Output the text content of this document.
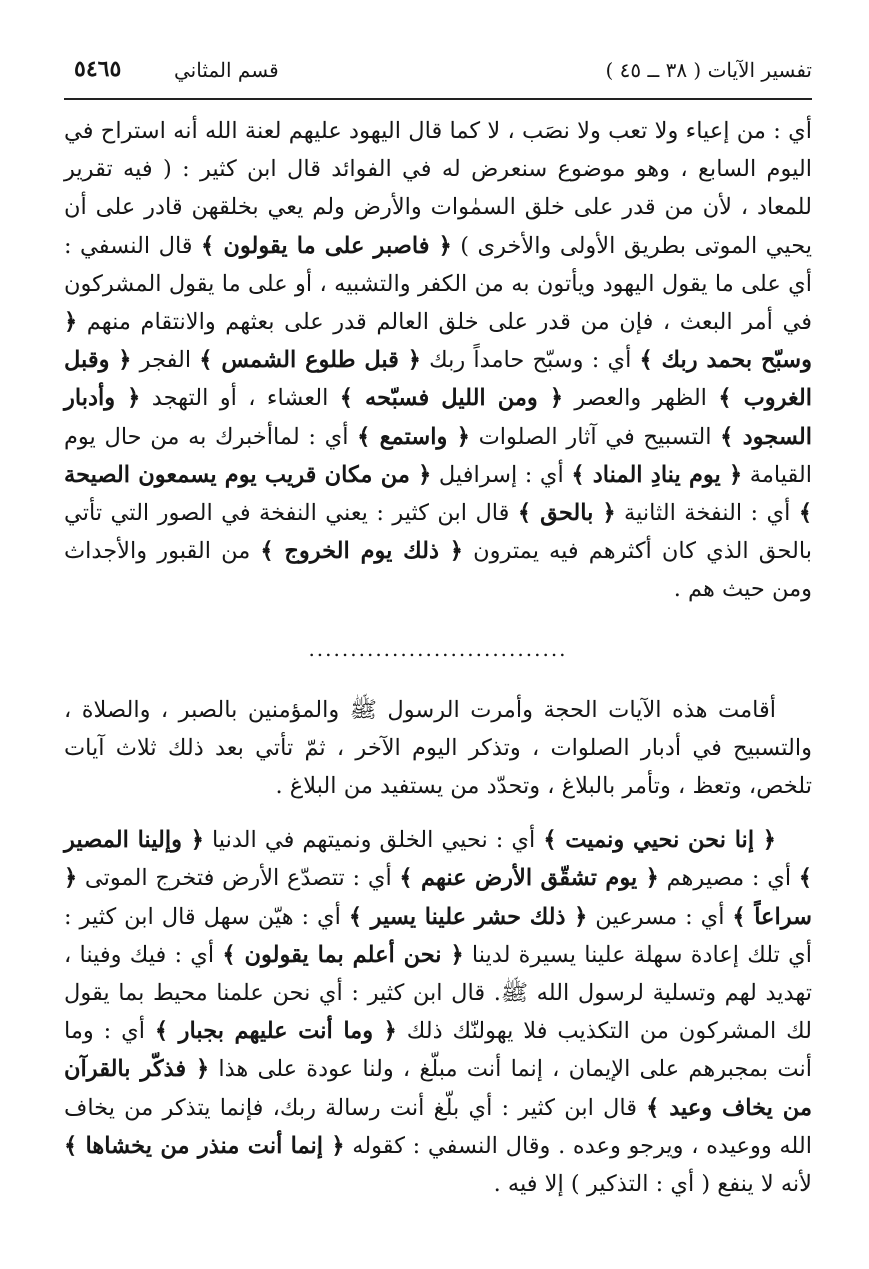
تفسير الآيات ( ٣٨ ــ ٤٥ )
قسم المثاني
٥٤٦٥

أي : من إعياء ولا تعب ولا نصَب ، لا كما قال اليهود عليهم لعنة الله أنه استراح في اليوم السابع ، وهو موضوع سنعرض له في الفوائد قال ابن كثير : ( فيه تقرير للمعاد ، لأن من قدر على خلق السمٰوات والأرض ولم يعي بخلقهن قادر على أن يحيي الموتى بطريق الأولى والأخرى ) ﴿ فاصبر على ما يقولون ﴾ قال النسفي : أي على ما يقول اليهود ويأتون به من الكفر والتشبيه ، أو على ما يقول المشركون في أمر البعث ، فإن من قدر على خلق العالم قدر على بعثهم والانتقام منهم ﴿ وسبّح بحمد ربك ﴾ أي : وسبّح حامداً ربك ﴿ قبل طلوع الشمس ﴾ الفجر ﴿ وقبل الغروب ﴾ الظهر والعصر ﴿ ومن الليل فسبّحه ﴾ العشاء ، أو التهجد ﴿ وأدبار السجود ﴾ التسبيح في آثار الصلوات ﴿ واستمع ﴾ أي : لماأخبرك به من حال يوم القيامة ﴿ يوم ينادِ المناد ﴾ أي : إسرافيل ﴿ من مكان قريب يوم يسمعون الصيحة ﴾ أي : النفخة الثانية ﴿ بالحق ﴾ قال ابن كثير : يعني النفخة في الصور التي تأتي بالحق الذي كان أكثرهم فيه يمترون ﴿ ذلك يوم الخروج ﴾ من القبور والأجداث ومن حيث هم .

...............................

أقامت هذه الآيات الحجة وأمرت الرسول ﷺ والمؤمنين بالصبر ، والصلاة ، والتسبيح في أدبار الصلوات ، وتذكر اليوم الآخر ، ثمّ تأتي بعد ذلك ثلاث آيات تلخص، وتعظ ، وتأمر بالبلاغ ، وتحدّد من يستفيد من البلاغ .

﴿ إنا نحن نحيي ونميت ﴾ أي : نحيي الخلق ونميتهم في الدنيا ﴿ وإلينا المصير ﴾ أي : مصيرهم ﴿ يوم تشقّق الأرض عنهم ﴾ أي : تتصدّع الأرض فتخرج الموتى ﴿ سراعاً ﴾ أي : مسرعين ﴿ ذلك حشر علينا يسير ﴾ أي : هيّن سهل قال ابن كثير : أي تلك إعادة سهلة علينا يسيرة لدينا ﴿ نحن أعلم بما يقولون ﴾ أي : فيك وفينا ، تهديد لهم وتسلية لرسول الله ﷺ. قال ابن كثير : أي نحن علمنا محيط بما يقول لك المشركون من التكذيب فلا يهولنّك ذلك ﴿ وما أنت عليهم بجبار ﴾ أي : وما أنت بمجبرهم على الإيمان ، إنما أنت مبلّغ ، ولنا عودة على هذا ﴿ فذكّر بالقرآن من يخاف وعيد ﴾ قال ابن كثير : أي بلّغ أنت رسالة ربك، فإنما يتذكر من يخاف الله ووعيده ، ويرجو وعده . وقال النسفي : كقوله ﴿ إنما أنت منذر من يخشاها ﴾ لأنه لا ينفع ( أي : التذكير ) إلا فيه .
